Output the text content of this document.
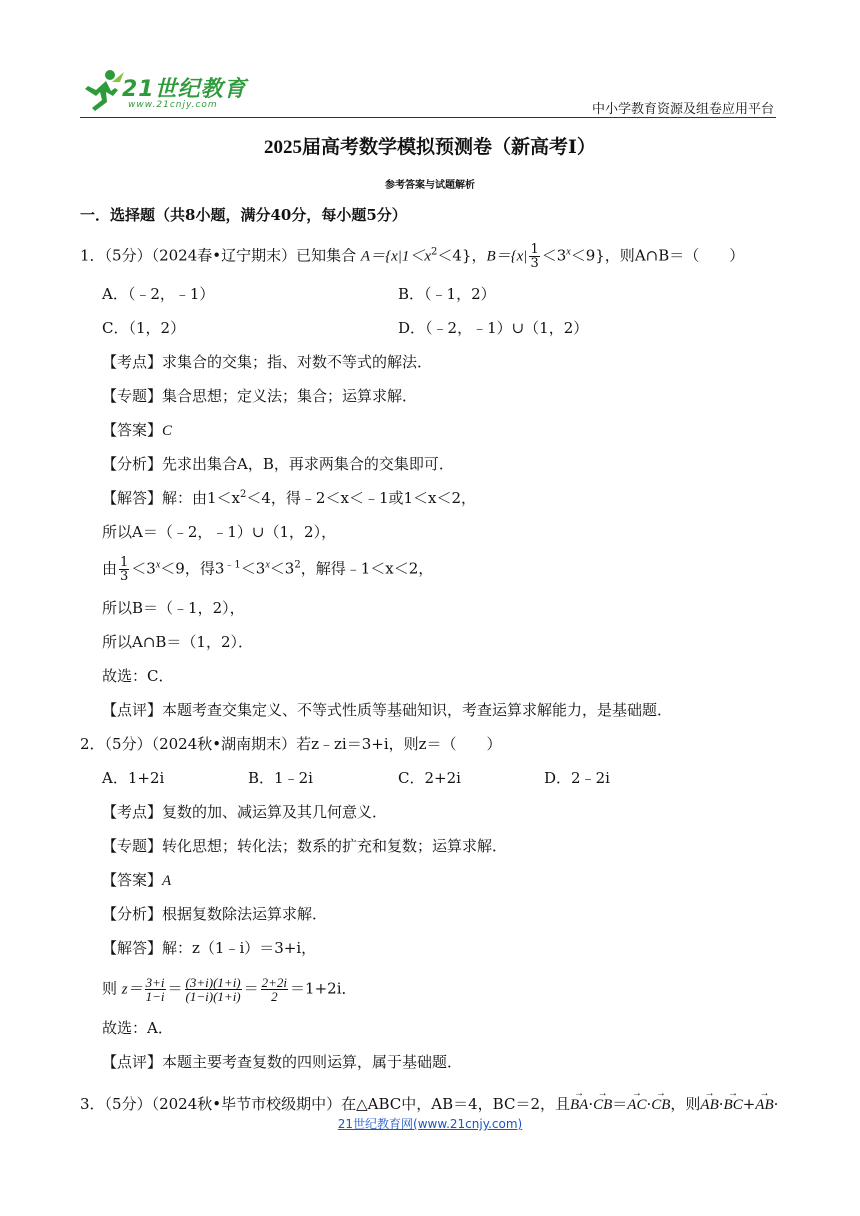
21世纪教育
www.21cnjy.com	中小学教育资源及组卷应用平台
2025届高考数学模拟预测卷（新高考Ⅰ）
参考答案与试题解析
一．选择题（共8小题，满分40分，每小题5分）
1．（5分）（2024春•辽宁期末）已知集合 $A=\{x|1<x^2<4\}$，$B=\{x| \frac{1}{3} <3^x<9\}$，则A∩B＝（　　）
A．（﹣2，﹣1）	B．（﹣1，2）
C．（1，2）	D．（﹣2，﹣1）∪（1，2）
【考点】求集合的交集；指、对数不等式的解法．
【专题】集合思想；定义法；集合；运算求解．
【答案】C
【分析】先求出集合A，B，再求两集合的交集即可．
【解答】解：由$1<x^2<4$，得﹣2＜x＜﹣1或1＜x＜2，
所以A＝（﹣2，﹣1）∪（1，2），
由 $\frac{1}{3} <3^x<9$，得$3^{﹣1}<3^x<3^2$，解得﹣1＜x＜2，
所以B＝（﹣1，2），
所以A∩B＝（1，2）．
故选：C．
【点评】本题考查交集定义、不等式性质等基础知识，考查运算求解能力，是基础题．
2．（5分）（2024秋•湖南期末）若z﹣zi＝3+i，则z＝（　　）
A．1+2i	B．1﹣2i	C．2+2i	D．2﹣2i
【考点】复数的加、减运算及其几何意义．
【专题】转化思想；转化法；数系的扩充和复数；运算求解．
【答案】A
【分析】根据复数除法运算求解．
【解答】解：z（1﹣i）＝3+i，
则 $z= \frac{3+i}{1-i} = \frac{(3+i)(1+i)}{(1-i)(1+i)} = \frac{2+2i}{2} =1+2i$．
故选：A．
【点评】本题主要考查复数的四则运算，属于基础题．
3．（5分）（2024秋•毕节市校级期中）在△ABC中，AB＝4，BC＝2，且→ BA·→ CB＝→ AC·→ CB，则→ AB·→ BC+→ AB·
21世纪教育网(www.21cnjy.com)
